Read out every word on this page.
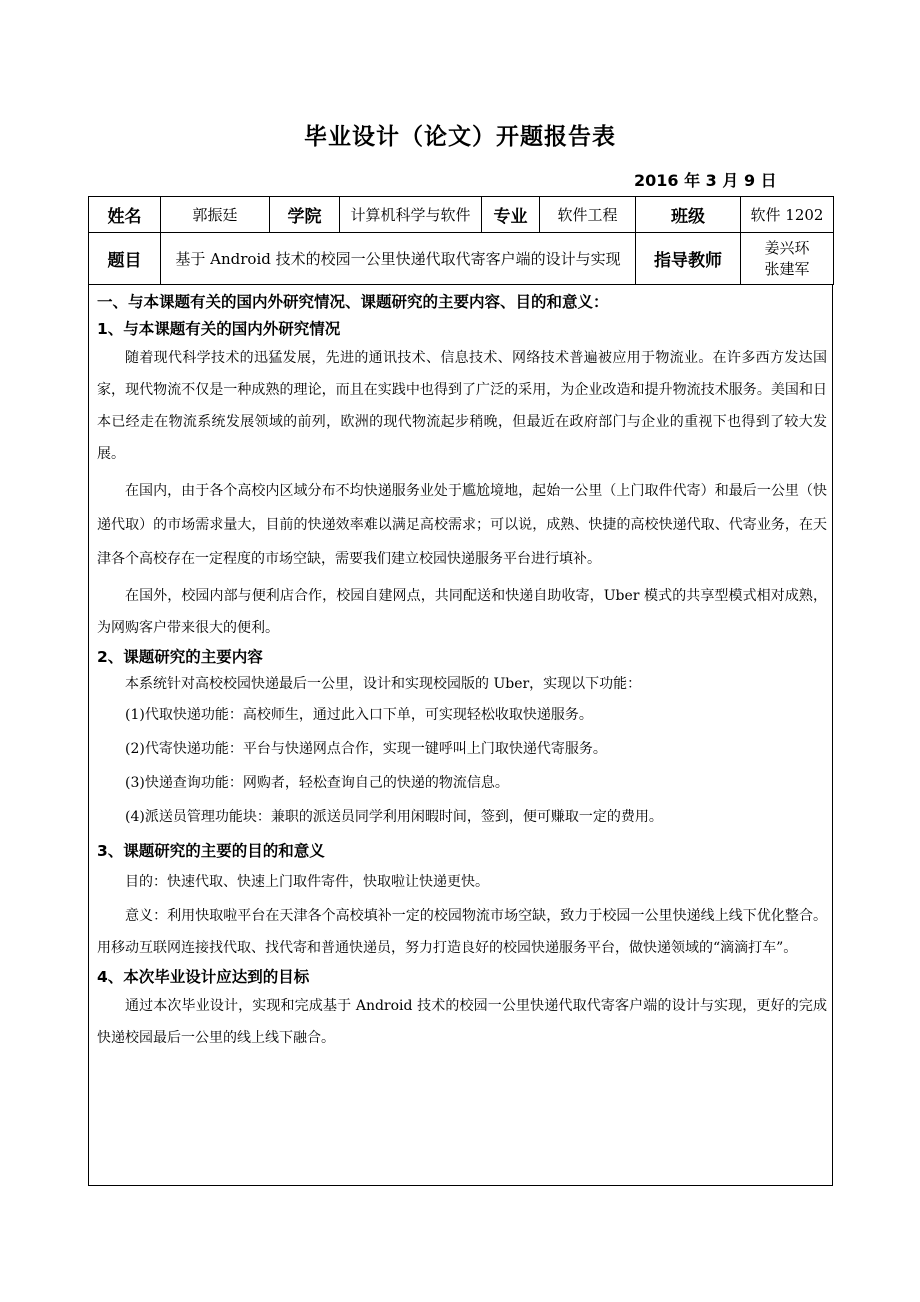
毕业设计（论文）开题报告表
2016 年 3 月 9 日
姓名	郭振廷	学院	计算机科学与软件	专业	软件工程	班级	软件 1202
题目	基于 Android 技术的校园一公里快递代取代寄客户端的设计与实现					指导教师	姜兴环
张建军
一、与本课题有关的国内外研究情况、课题研究的主要内容、目的和意义：
1、与本课题有关的国内外研究情况

随着现代科学技术的迅猛发展，先进的通讯技术、信息技术、网络技术普遍被应用于物流业。在许多西方发达国家，现代物流不仅是一种成熟的理论，而且在实践中也得到了广泛的采用，为企业改造和提升物流技术服务。美国和日本已经走在物流系统发展领域的前列，欧洲的现代物流起步稍晚，但最近在政府部门与企业的重视下也得到了较大发展。

在国内，由于各个高校内区域分布不均快递服务业处于尴尬境地，起始一公里（上门取件代寄）和最后一公里（快递代取）的市场需求量大，目前的快递效率难以满足高校需求；可以说，成熟、快捷的高校快递代取、代寄业务，在天津各个高校存在一定程度的市场空缺，需要我们建立校园快递服务平台进行填补。

在国外，校园内部与便利店合作，校园自建网点，共同配送和快递自助收寄，Uber 模式的共享型模式相对成熟，为网购客户带来很大的便利。

2、课题研究的主要内容

本系统针对高校校园快递最后一公里，设计和实现校园版的 Uber，实现以下功能：

(1)代取快递功能：高校师生，通过此入口下单，可实现轻松收取快递服务。

(2)代寄快递功能：平台与快递网点合作，实现一键呼叫上门取快递代寄服务。

(3)快递查询功能：网购者，轻松查询自己的快递的物流信息。

(4)派送员管理功能块：兼职的派送员同学利用闲暇时间，签到，便可赚取一定的费用。

3、课题研究的主要的目的和意义

目的：快速代取、快速上门取件寄件，快取啦让快递更快。

意义：利用快取啦平台在天津各个高校填补一定的校园物流市场空缺，致力于校园一公里快递线上线下优化整合。用移动互联网连接找代取、找代寄和普通快递员，努力打造良好的校园快递服务平台，做快递领域的“滴滴打车”。

4、本次毕业设计应达到的目标

通过本次毕业设计，实现和完成基于 Android 技术的校园一公里快递代取代寄客户端的设计与实现，更好的完成快递校园最后一公里的线上线下融合。
